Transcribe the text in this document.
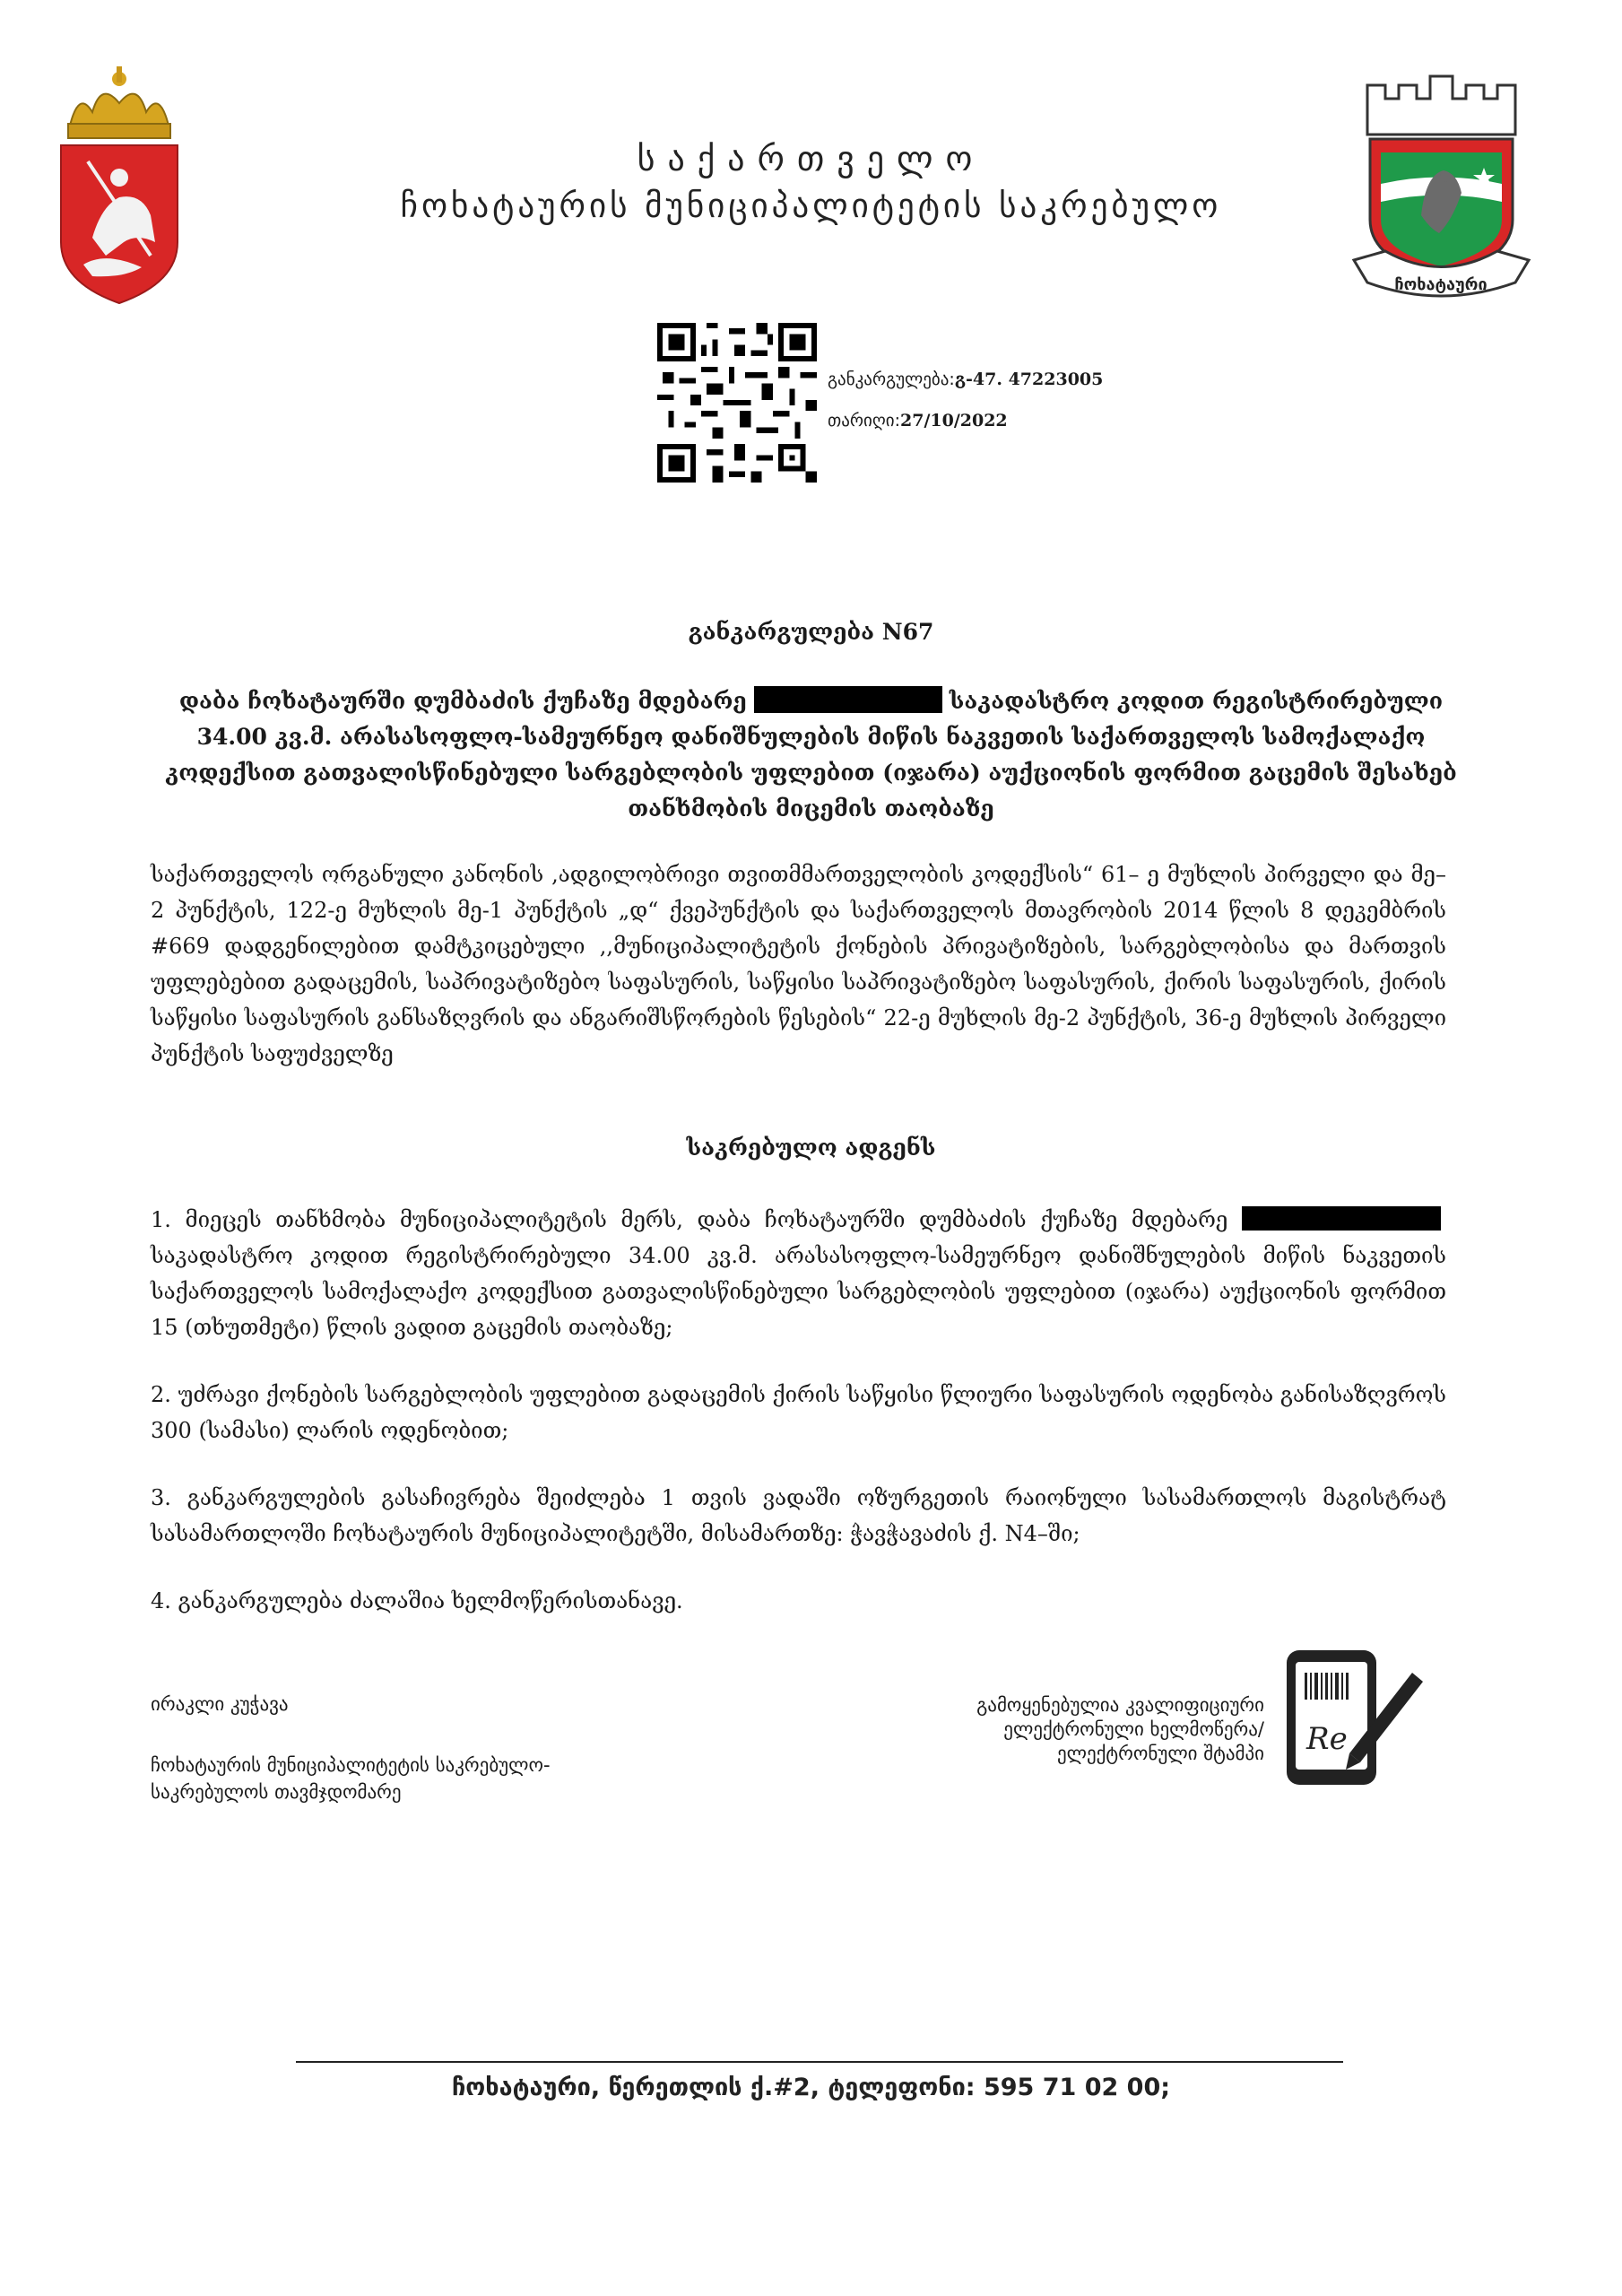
საქართველო
ჩოხატაურის მუნიციპალიტეტის საკრებულო
ჩოხატაური
განკარგულება:გ-47. 47223005
თარიღი:27/10/2022
განკარგულება N67
დაბა ჩოხატაურში დუმბაძის ქუჩაზე მდებარე	საკადასტრო კოდით რეგისტრირებული 34.00 კვ.მ. არასასოფლო-სამეურნეო დანიშნულების მიწის ნაკვეთის საქართველოს სამოქალაქო კოდექსით გათვალისწინებული სარგებლობის უფლებით (იჯარა) აუქციონის ფორმით გაცემის შესახებ თანხმობის მიცემის თაობაზე
საქართველოს ორგანული კანონის ,ადგილობრივი თვითმმართველობის კოდექსის“ 61– ე მუხლის პირველი და მე–2 პუნქტის, 122-ე მუხლის მე-1 პუნქტის „დ“ ქვეპუნქტის და საქართველოს მთავრობის 2014 წლის 8 დეკემბრის #669 დადგენილებით დამტკიცებული ,,მუნიციპალიტეტის ქონების პრივატიზების, სარგებლობისა და მართვის უფლებებით გადაცემის, საპრივატიზებო საფასურის, საწყისი საპრივატიზებო საფასურის, ქირის საფასურის, ქირის საწყისი საფასურის განსაზღვრის და ანგარიშსწორების წესების“ 22-ე მუხლის მე-2 პუნქტის, 36-ე მუხლის პირველი პუნქტის საფუძველზე
საკრებულო ადგენს
1. მიეცეს თანხმობა მუნიციპალიტეტის მერს, დაბა ჩოხატაურში დუმბაძის ქუჩაზე მდებარე საკადასტრო კოდით რეგისტრირებული 34.00 კვ.მ. არასასოფლო-სამეურნეო დანიშნულების მიწის ნაკვეთის საქართველოს სამოქალაქო კოდექსით გათვალისწინებული სარგებლობის უფლებით (იჯარა) აუქციონის ფორმით 15 (თხუთმეტი) წლის ვადით გაცემის თაობაზე;
2. უძრავი ქონების სარგებლობის უფლებით გადაცემის ქირის საწყისი წლიური საფასურის ოდენობა განისაზღვროს 300 (სამასი) ლარის ოდენობით;
3. განკარგულების გასაჩივრება შეიძლება 1 თვის ვადაში ოზურგეთის რაიონული სასამართლოს მაგისტრატ სასამართლოში ჩოხატაურის მუნიციპალიტეტში, მისამართზე: ჭავჭავაძის ქ. N4–ში;
4. განკარგულება ძალაშია ხელმოწერისთანავე.
ირაკლი კუჭავა
ჩოხატაურის მუნიციპალიტეტის საკრებულო-
საკრებულოს თავმჯდომარე
გამოყენებულია კვალიფიციური
ელექტრონული ხელმოწერა/
ელექტრონული შტამპი Re
ჩოხატაური, წერეთლის ქ.#2, ტელეფონი: 595 71 02 00;
